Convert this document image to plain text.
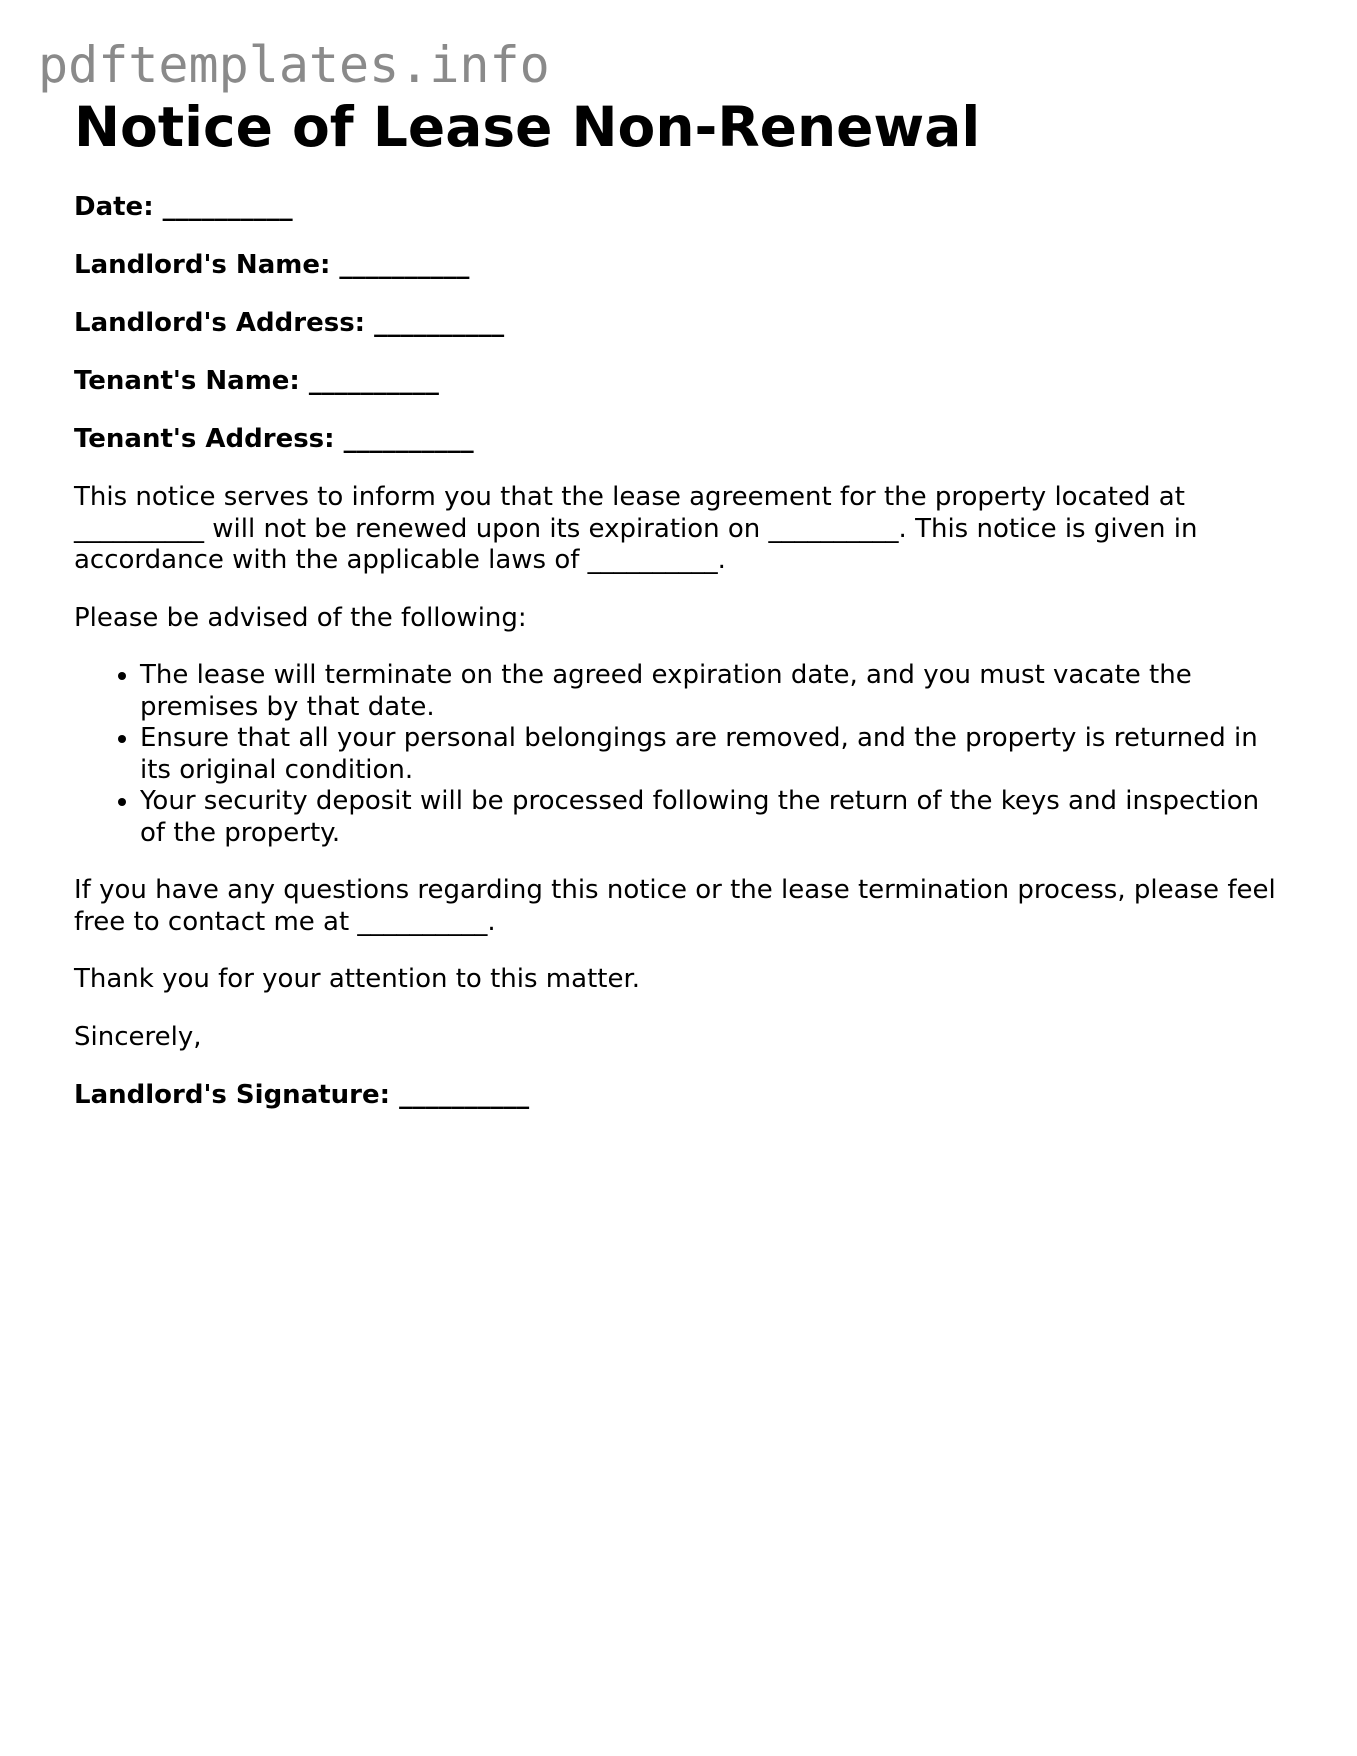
pdftemplates.info
Notice of Lease Non-Renewal
Date: __________
Landlord's Name: __________
Landlord's Address: __________
Tenant's Name: __________
Tenant's Address: __________

This notice serves to inform you that the lease agreement for the property located at __________ will not be renewed upon its expiration on __________. This notice is given in accordance with the applicable laws of __________.

Please be advised of the following:

• The lease will terminate on the agreed expiration date, and you must vacate the premises by that date.
• Ensure that all your personal belongings are removed, and the property is returned in its original condition.
• Your security deposit will be processed following the return of the keys and inspection of the property.

If you have any questions regarding this notice or the lease termination process, please feel free to contact me at __________.

Thank you for your attention to this matter.
Sincerely,
Landlord's Signature: __________
